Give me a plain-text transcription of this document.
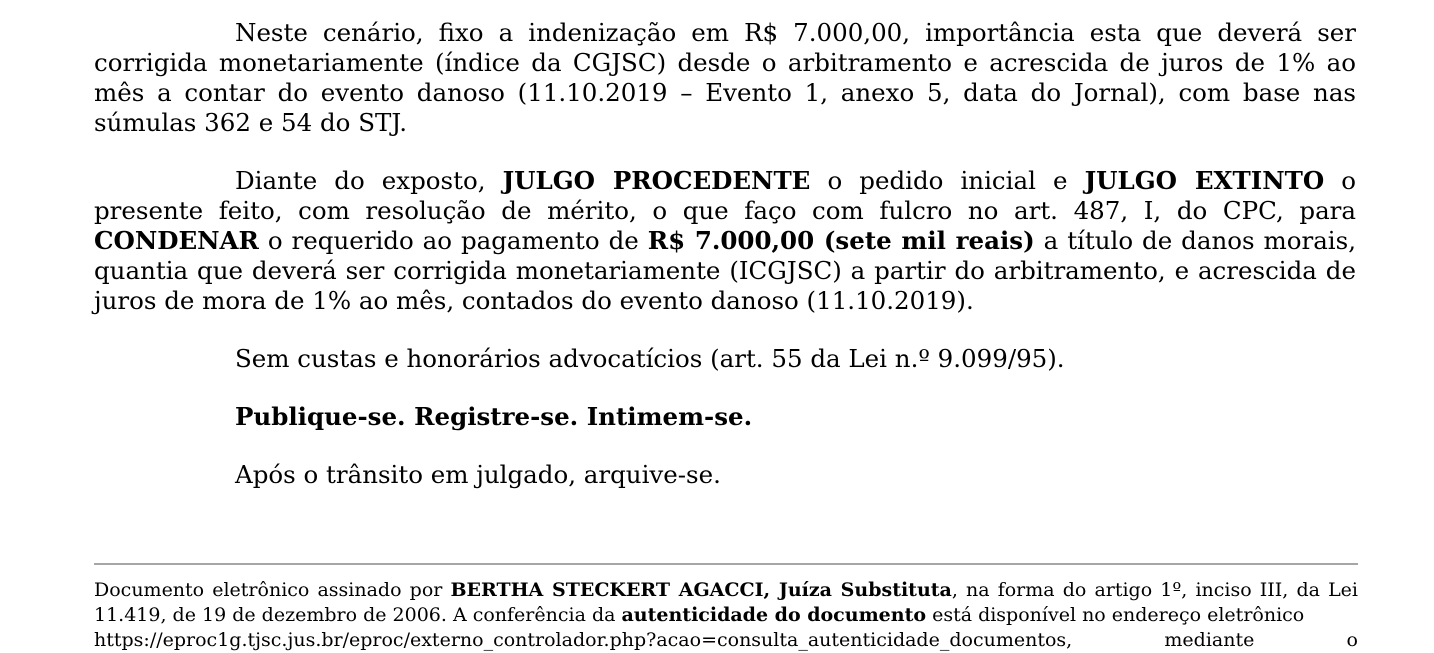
Neste cenário, fixo a indenização em R$ 7.000,00, importância esta que deverá ser corrigida monetariamente (índice da CGJSC) desde o arbitramento e acrescida de juros de 1% ao mês a contar do evento danoso (11.10.2019 – Evento 1, anexo 5, data do Jornal), com base nas súmulas 362 e 54 do STJ.

Diante do exposto, JULGO PROCEDENTE o pedido inicial e JULGO EXTINTO o presente feito, com resolução de mérito, o que faço com fulcro no art. 487, I, do CPC, para CONDENAR o requerido ao pagamento de R$ 7.000,00 (sete mil reais) a título de danos morais, quantia que deverá ser corrigida monetariamente (ICGJSC) a partir do arbitramento, e acrescida de juros de mora de 1% ao mês, contados do evento danoso (11.10.2019).

Sem custas e honorários advocatícios (art. 55 da Lei n.º 9.099/95).

Publique-se. Registre-se. Intimem-se.

Após o trânsito em julgado, arquive-se.

Documento eletrônico assinado por BERTHA STECKERT AGACCI, Juíza Substituta, na forma do artigo 1º, inciso III, da Lei 11.419, de 19 de dezembro de 2006. A conferência da autenticidade do documento está disponível no endereço eletrônico
https://eproc1g.tjsc.jus.br/eproc/externo_controlador.php?acao=consulta_autenticidade_documentos,	mediante	o
